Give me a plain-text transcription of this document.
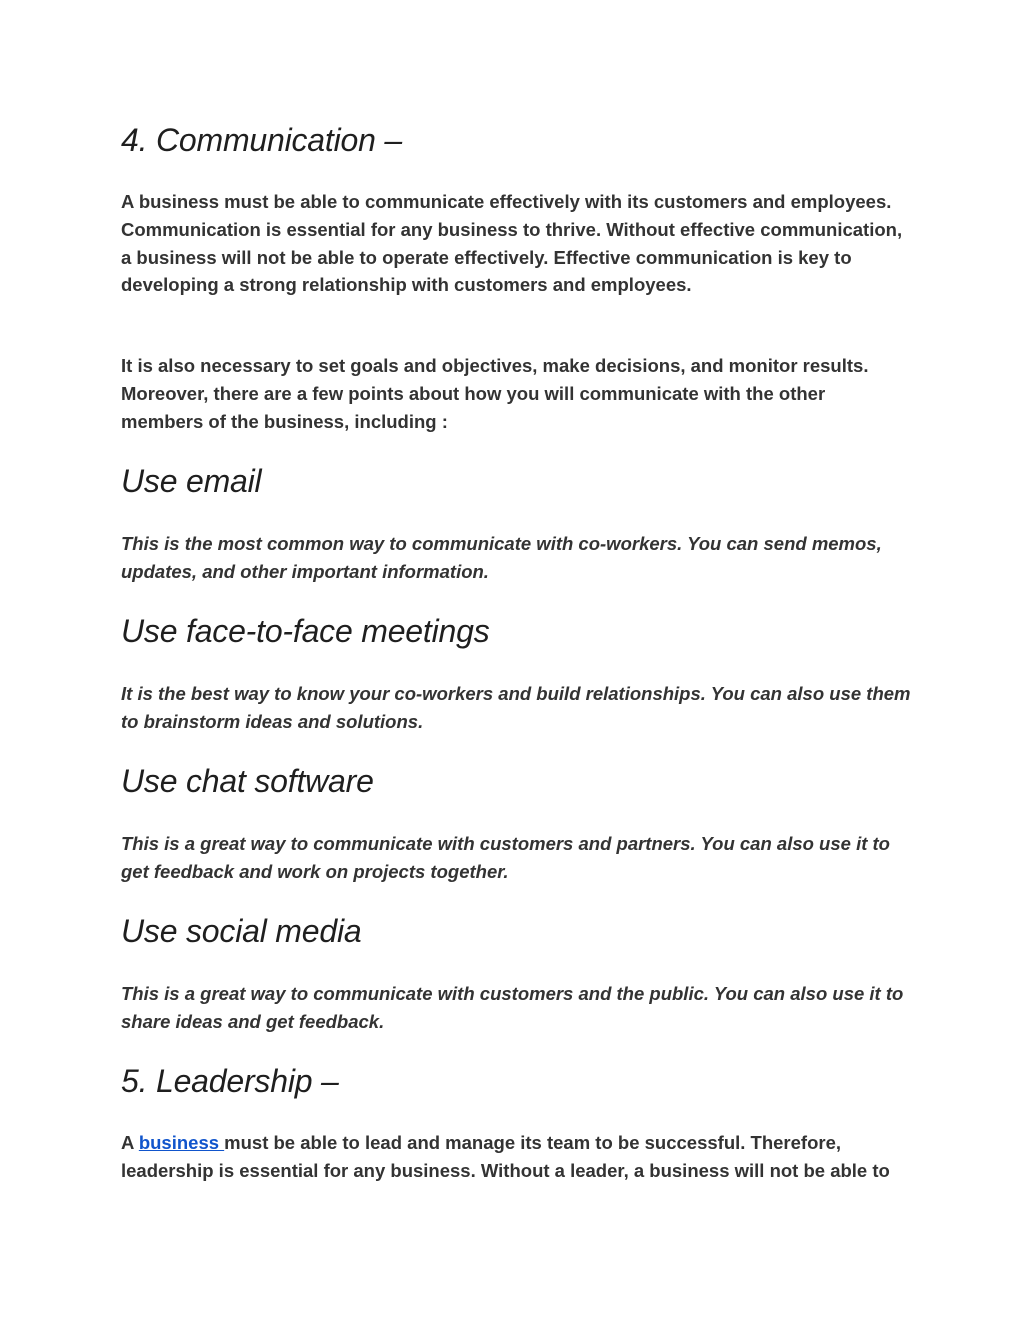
4. Communication –

A business must be able to communicate effectively with its customers and employees. Communication is essential for any business to thrive. Without effective communication, a business will not be able to operate effectively. Effective communication is key to developing a strong relationship with customers and employees.

It is also necessary to set goals and objectives, make decisions, and monitor results. Moreover, there are a few points about how you will communicate with the other members of the business, including :

Use email

This is the most common way to communicate with co-workers. You can send memos, updates, and other important information.

Use face-to-face meetings

It is the best way to know your co-workers and build relationships. You can also use them to brainstorm ideas and solutions.

Use chat software

This is a great way to communicate with customers and partners. You can also use it to get feedback and work on projects together.

Use social media

This is a great way to communicate with customers and the public. You can also use it to share ideas and get feedback.

5. Leadership –

A business must be able to lead and manage its team to be successful. Therefore, leadership is essential for any business. Without a leader, a business will not be able to
